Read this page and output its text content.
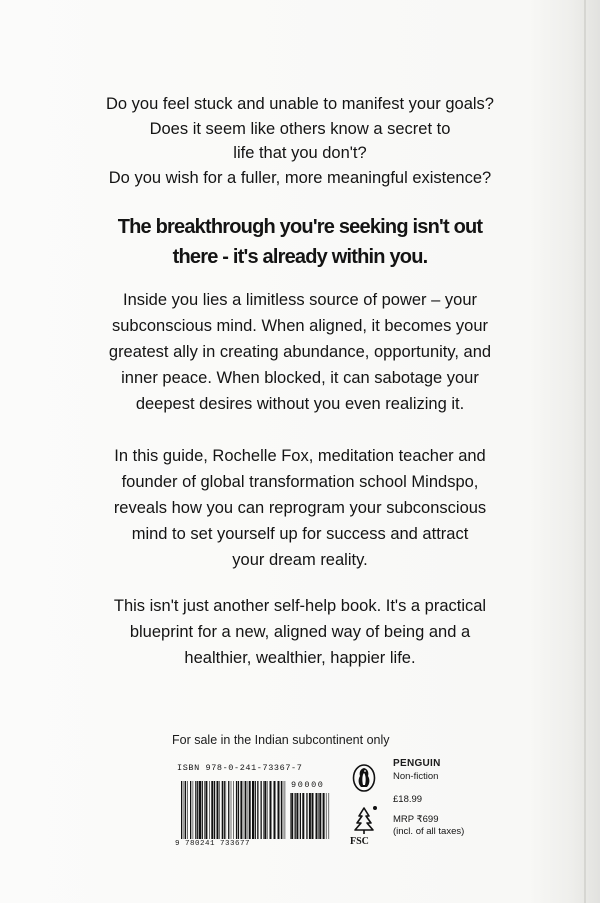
Do you feel stuck and unable to manifest your goals?
Does it seem like others know a secret to
life that you don't?
Do you wish for a fuller, more meaningful existence?
The breakthrough you're seeking isn't out
there - it's already within you.
Inside you lies a limitless source of power – your
subconscious mind. When aligned, it becomes your
greatest ally in creating abundance, opportunity, and
inner peace. When blocked, it can sabotage your
deepest desires without you even realizing it.
In this guide, Rochelle Fox, meditation teacher and
founder of global transformation school Mindspo,
reveals how you can reprogram your subconscious
mind to set yourself up for success and attract
your dream reality.
This isn't just another self-help book. It's a practical
blueprint for a new, aligned way of being and a
healthier, wealthier, happier life.
For sale in the Indian subcontinent only
ISBN 978-0-241-73367-7
90000
9 780241 733677	FSC
PENGUIN
Non-fiction
£18.99
MRP ₹699
(incl. of all taxes)
